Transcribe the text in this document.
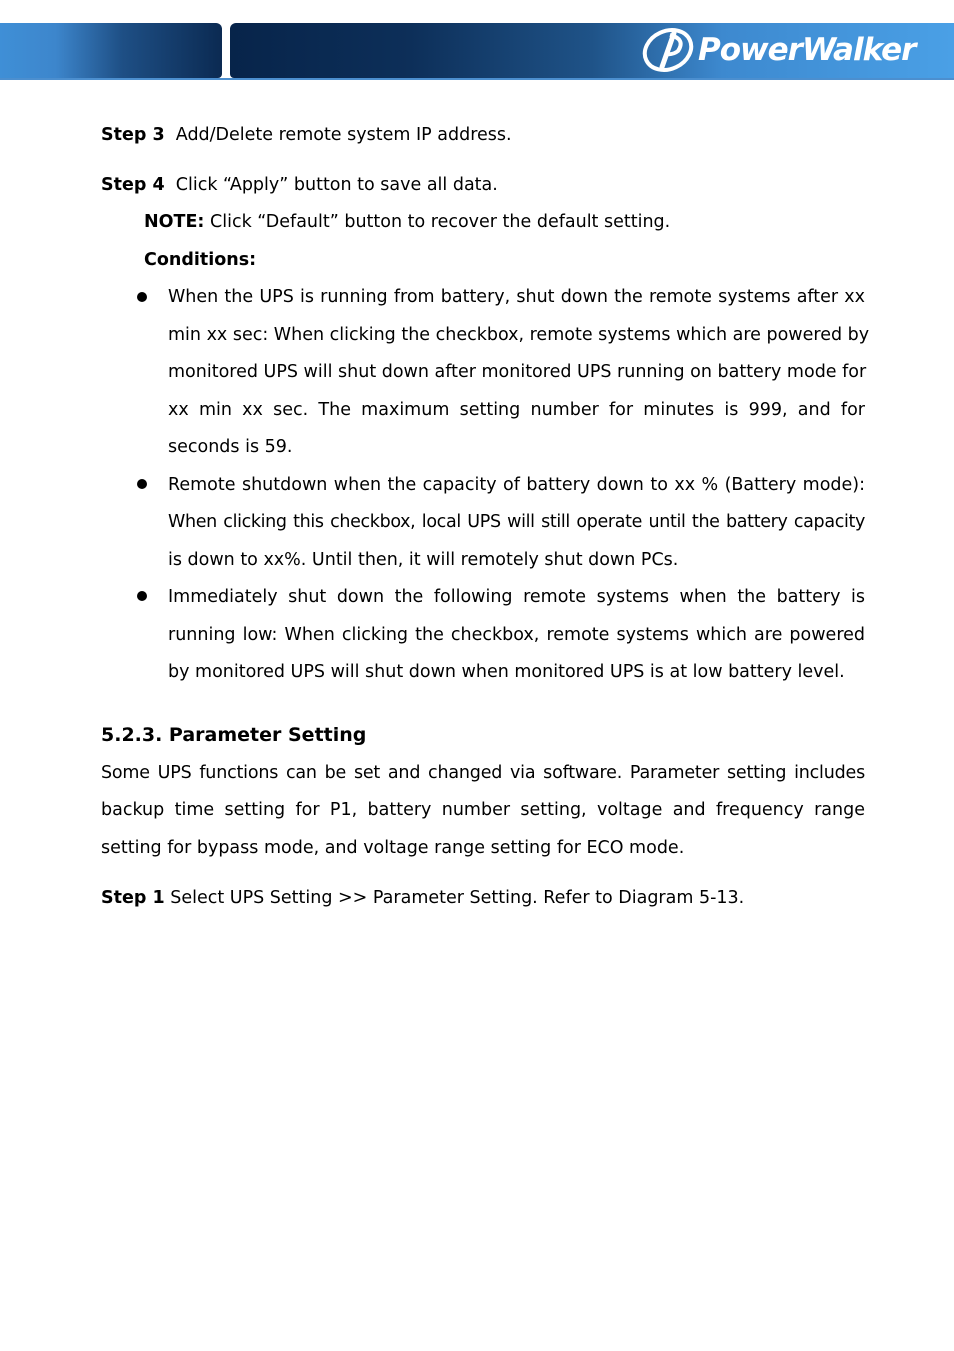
PowerWalker
Step 3 Add/Delete remote system IP address.
Step 4 Click “Apply” button to save all data.
NOTE: Click “Default” button to recover the default setting.
Conditions:
When the UPS is running from battery, shut down the remote systems after xx
min xx sec: When clicking the checkbox, remote systems which are powered by
monitored UPS will shut down after monitored UPS running on battery mode for
xx min xx sec. The maximum setting number for minutes is 999, and for
seconds is 59.
Remote shutdown when the capacity of battery down to xx % (Battery mode):
When clicking this checkbox, local UPS will still operate until the battery capacity
is down to xx%. Until then, it will remotely shut down PCs.
Immediately shut down the following remote systems when the battery is
running low: When clicking the checkbox, remote systems which are powered
by monitored UPS will shut down when monitored UPS is at low battery level.
5.2.3. Parameter Setting
Some UPS functions can be set and changed via software. Parameter setting includes
backup time setting for P1, battery number setting, voltage and frequency range
setting for bypass mode, and voltage range setting for ECO mode.
Step 1 Select UPS Setting >> Parameter Setting. Refer to Diagram 5-13.
